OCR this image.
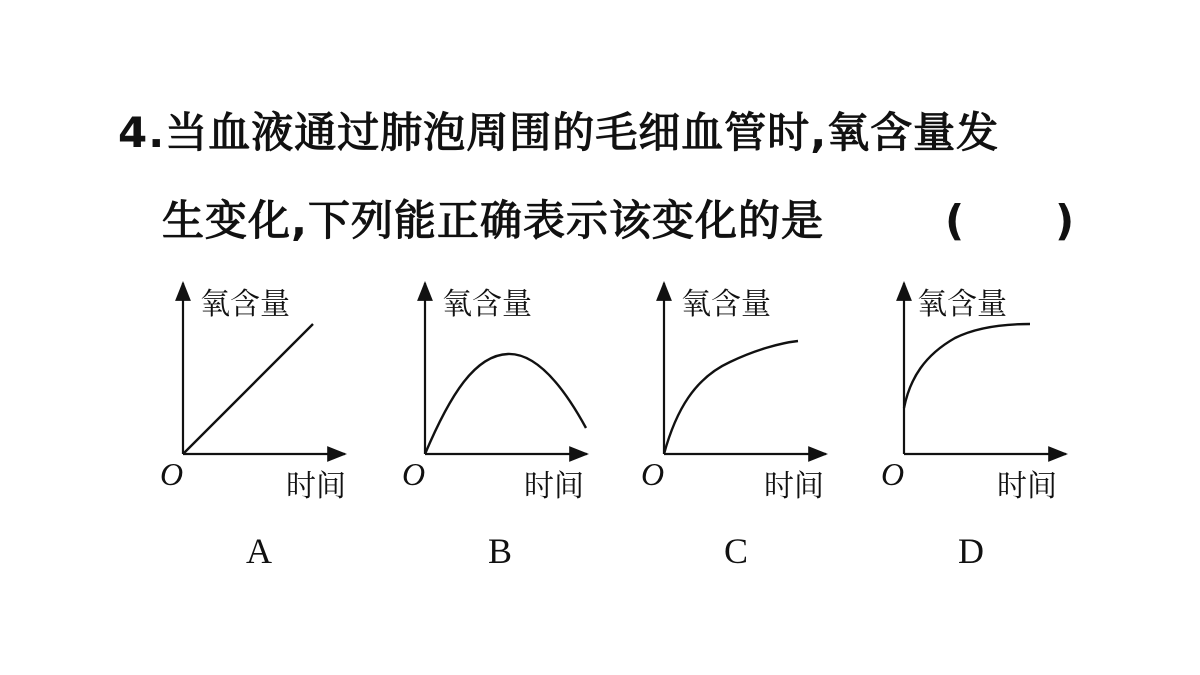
4.当血液通过肺泡周围的毛细血管时,氧含量发
生变化,下列能正确表示该变化的是	( )
氧含量
时间
O
A
氧含量
时间
O
B
氧含量
时间
O
C
氧含量
时间
O
D
